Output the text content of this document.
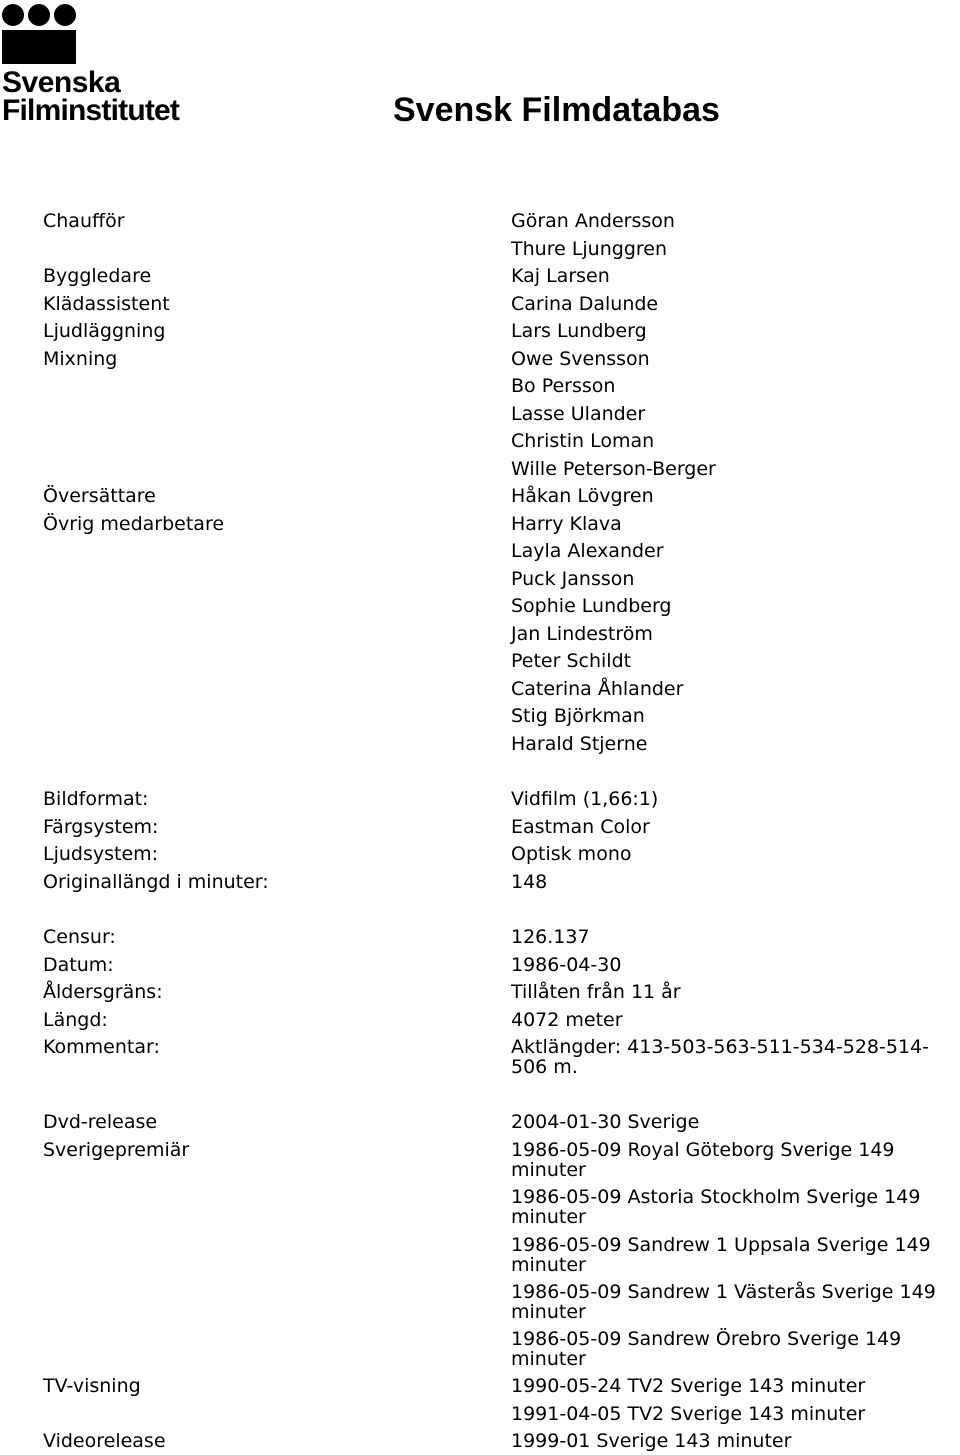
Svenska
Filminstitutet	Svensk Filmdatabas
Chaufför	Göran Andersson
Thure Ljunggren
Byggledare	Kaj Larsen
Klädassistent	Carina Dalunde
Ljudläggning	Lars Lundberg
Mixning	Owe Svensson
Bo Persson
Lasse Ulander
Christin Loman
Wille Peterson-Berger
Översättare	Håkan Lövgren
Övrig medarbetare	Harry Klava
Layla Alexander
Puck Jansson
Sophie Lundberg
Jan Lindeström
Peter Schildt
Caterina Åhlander
Stig Björkman
Harald Stjerne
Bildformat:	Vidfilm (1,66:1)
Färgsystem:	Eastman Color
Ljudsystem:	Optisk mono
Originallängd i minuter:	148
Censur:	126.137
Datum:	1986-04-30
Åldersgräns:	Tillåten från 11 år
Längd:	4072 meter
Kommentar:	Aktlängder: 413-503-563-511-534-528-514-506 m.
Dvd-release	2004-01-30 Sverige
Sverigepremiär	1986-05-09 Royal Göteborg Sverige 149 minuter
1986-05-09 Astoria Stockholm Sverige 149 minuter
1986-05-09 Sandrew 1 Uppsala Sverige 149 minuter
1986-05-09 Sandrew 1 Västerås Sverige 149 minuter
1986-05-09 Sandrew Örebro Sverige 149 minuter
TV-visning	1990-05-24 TV2 Sverige 143 minuter
1991-04-05 TV2 Sverige 143 minuter
Videorelease	1999-01 Sverige 143 minuter
